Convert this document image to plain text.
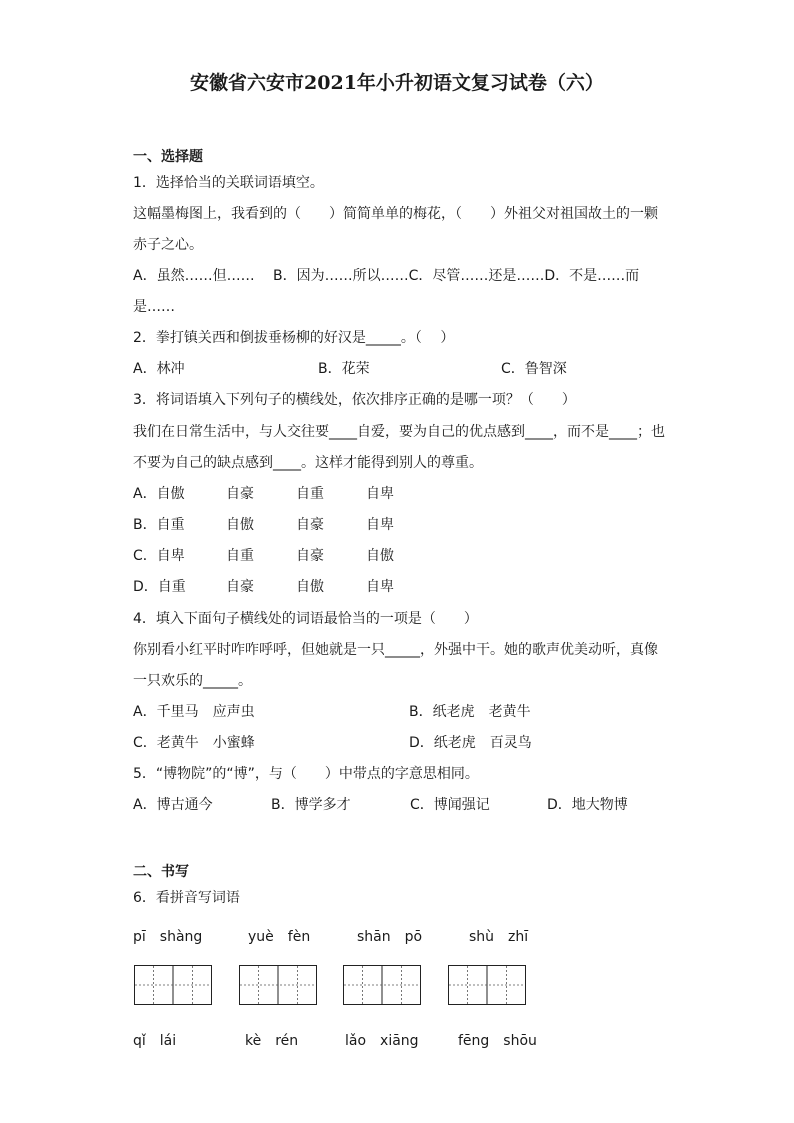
安徽省六安市2021年小升初语文复习试卷（六）
一、选择题
1．选择恰当的关联词语填空。
这幅墨梅图上，我看到的（　　）简简单单的梅花，（　　）外祖父对祖国故土的一颗
赤子之心。
A．虽然……但……　 B．因为……所以……C．尽管……还是……D．不是……而
是……
2．拳打镇关西和倒拔垂杨柳的好汉是_____。（　 ）
A．林冲	B．花荣	C．鲁智深
3．将词语填入下列句子的横线处，依次排序正确的是哪一项？（　　）
我们在日常生活中，与人交往要____自爱，要为自己的优点感到____，而不是____；也
不要为自己的缺点感到____。这样才能得到别人的尊重。
A．自傲	自豪	自重	自卑
B．自重	自傲	自豪	自卑
C．自卑	自重	自豪	自傲
D．自重	自豪	自傲	自卑
4．填入下面句子横线处的词语最恰当的一项是（　　）
你别看小红平时咋咋呼呼，但她就是一只_____，外强中干。她的歌声优美动听，真像
一只欢乐的_____。
A．千里马　应声虫	B．纸老虎　老黄牛
C．老黄牛　小蜜蜂	D．纸老虎　百灵鸟
5．“博物院”的“博”，与（　　）中带点的字意思相同。
A．博古通今	B．博学多才	C．博闻强记	D．地大物博
二、书写
6．看拼音写词语
pī　shàng	yuè　fèn	shān　pō	shù　zhī
qǐ　lái	kè　rén	lǎo　xiāng	fēng　shōu
